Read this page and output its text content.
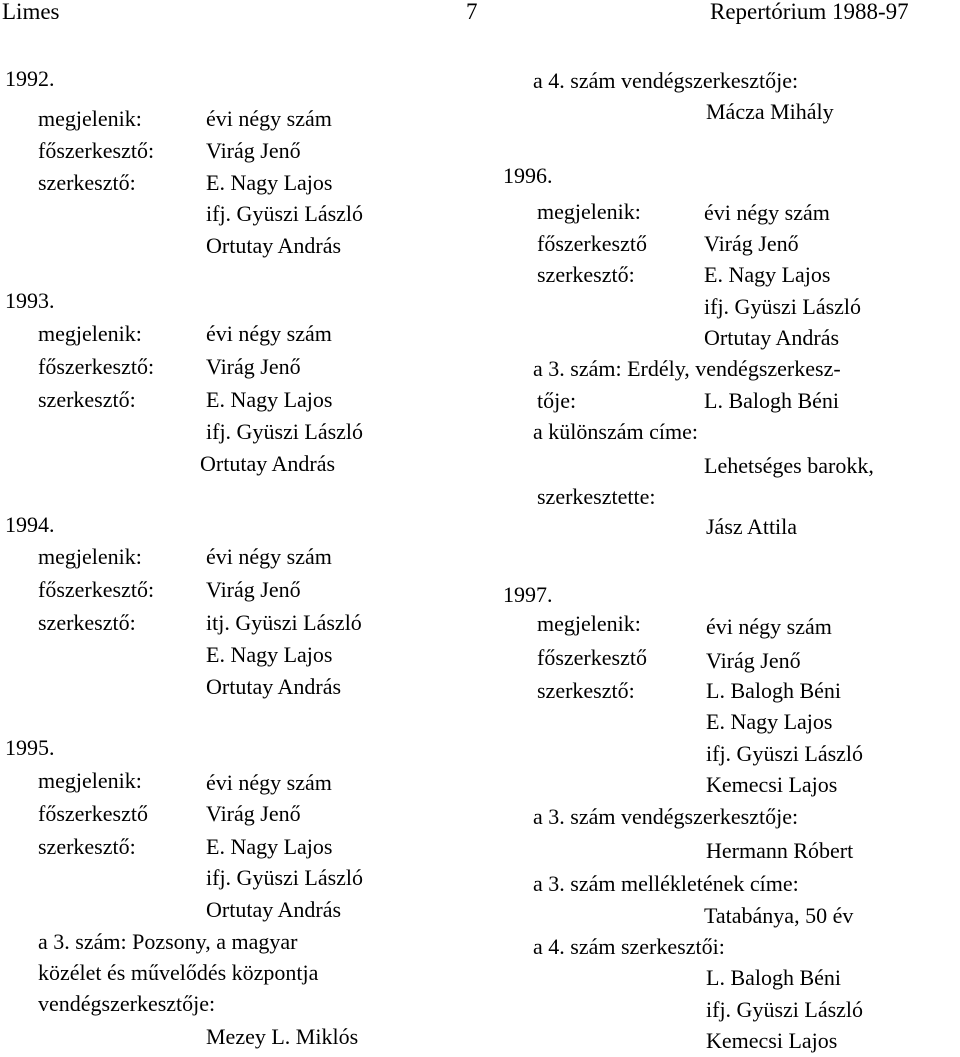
Limes	7	Repertórium 1988-97
1992.
megjelenik:	évi négy szám
főszerkesztő: Virág Jenő
szerkesztő:	E. Nagy Lajos
ifj. Gyüszi László
Ortutay András
1993.
megjelenik:	évi négy szám
főszerkesztő: Virág Jenő
szerkesztő:	E. Nagy Lajos
ifj. Gyüszi László
Ortutay András
1994.
megjelenik:	évi négy szám
főszerkesztő: Virág Jenő
szerkesztő:	itj. Gyüszi László
E. Nagy Lajos
Ortutay András
1995.
megjelenik:	évi négy szám
főszerkesztő	Virág Jenő
szerkesztő:	E. Nagy Lajos
ifj. Gyüszi László
Ortutay András
a 3. szám: Pozsony, a magyar
közélet és művelődés központja
vendégszerkesztője:
Mezey L. Miklós
a 4. szám vendégszerkesztője:
Mácza Mihály
1996.
megjelenik:	évi négy szám
főszerkesztő	Virág Jenő
szerkesztő:	E. Nagy Lajos
ifj. Gyüszi László
Ortutay András
a 3. szám: Erdély, vendégszerkesz-
tője:	L. Balogh Béni
a különszám címe:
Lehetséges barokk,
szerkesztette:
Jász Attila
1997.
megjelenik:	évi négy szám
főszerkesztő	Virág Jenő
szerkesztő:	L. Balogh Béni
E. Nagy Lajos
ifj. Gyüszi László
Kemecsi Lajos
a 3. szám vendégszerkesztője:
Hermann Róbert
a 3. szám mellékletének címe:
Tatabánya, 50 év
a 4. szám szerkesztői:
L. Balogh Béni
ifj. Gyüszi László
Kemecsi Lajos
